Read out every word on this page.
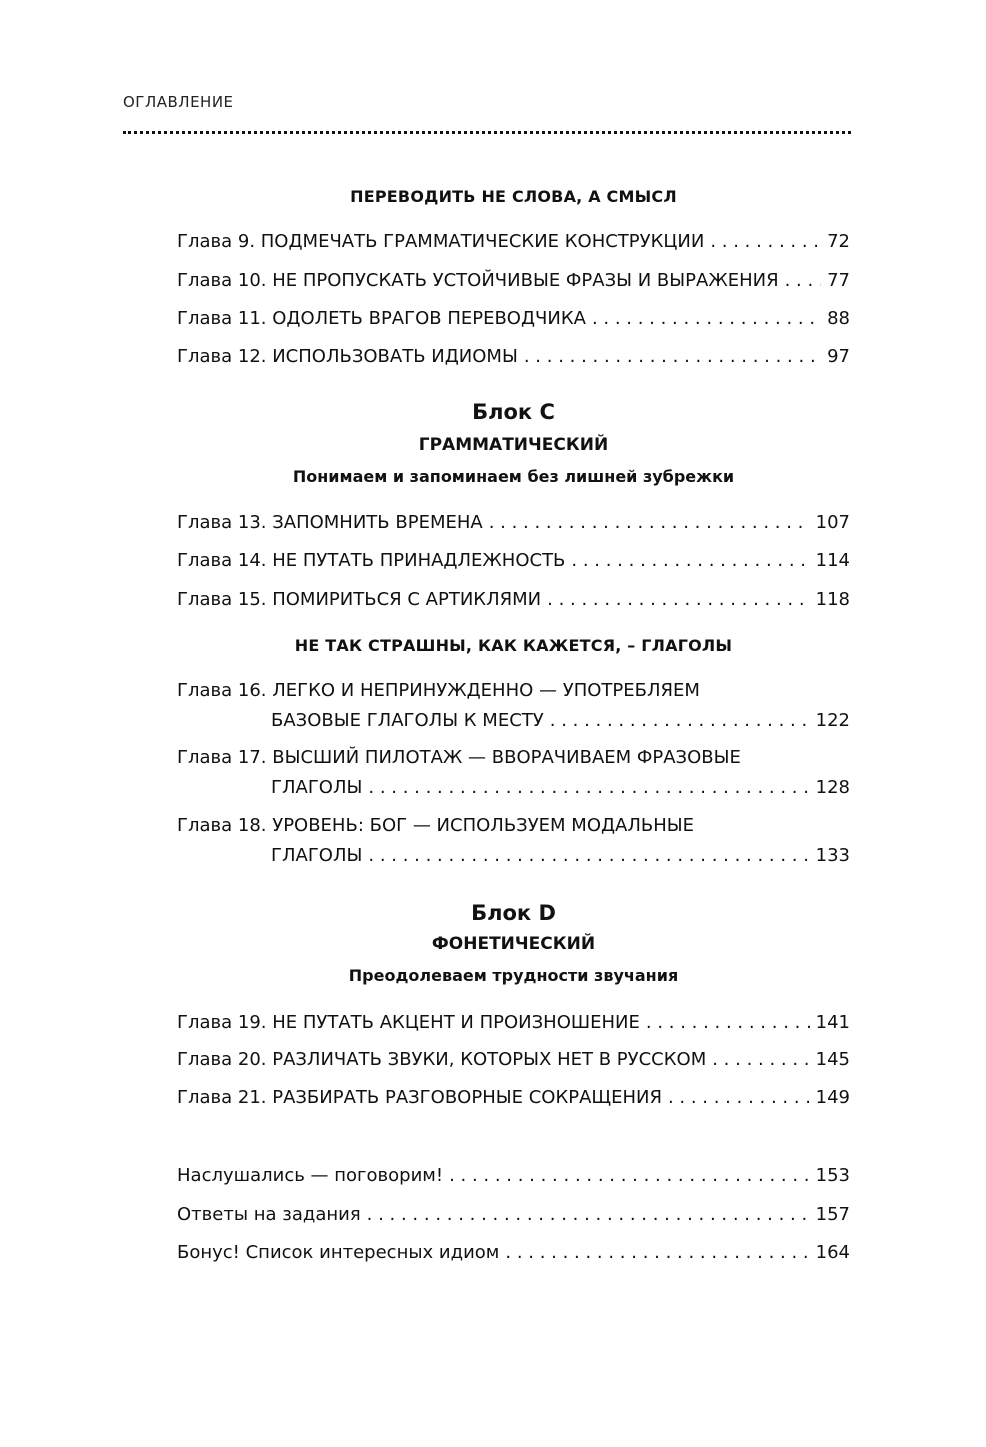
ОГЛАВЛЕНИЕ
ПЕРЕВОДИТЬ НЕ СЛОВА, А СМЫСЛ
Глава 9. ПОДМЕЧАТЬ ГРАММАТИЧЕСКИЕ КОНСТРУКЦИИ . . .	72
Глава 10. НЕ ПРОПУСКАТЬ УСТОЙЧИВЫЕ ФРАЗЫ И ВЫРАЖЕНИЯ . . .	77
Глава 11. ОДОЛЕТЬ ВРАГОВ ПЕРЕВОДЧИКА . . .	88
Глава 12. ИСПОЛЬЗОВАТЬ ИДИОМЫ . . .	97
Блок C
ГРАММАТИЧЕСКИЙ
Понимаем и запоминаем без лишней зубрежки
Глава 13. ЗАПОМНИТЬ ВРЕМЕНА . . .	107
Глава 14. НЕ ПУТАТЬ ПРИНАДЛЕЖНОСТЬ . . .	114
Глава 15. ПОМИРИТЬСЯ С АРТИКЛЯМИ . . .	118
НЕ ТАК СТРАШНЫ, КАК КАЖЕТСЯ, – ГЛАГОЛЫ
Глава 16. ЛЕГКО И НЕПРИНУЖДЕННО — УПОТРЕБЛЯЕМ
БАЗОВЫЕ ГЛАГОЛЫ К МЕСТУ . . .	122
Глава 17. ВЫСШИЙ ПИЛОТАЖ — ВВОРАЧИВАЕМ ФРАЗОВЫЕ
ГЛАГОЛЫ . . .	128
Глава 18. УРОВЕНЬ: БОГ — ИСПОЛЬЗУЕМ МОДАЛЬНЫЕ
ГЛАГОЛЫ . . .	133
Блок D
ФОНЕТИЧЕСКИЙ
Преодолеваем трудности звучания
Глава 19. НЕ ПУТАТЬ АКЦЕНТ И ПРОИЗНОШЕНИЕ . . .	141
Глава 20. РАЗЛИЧАТЬ ЗВУКИ, КОТОРЫХ НЕТ В РУССКОМ . . .	145
Глава 21. РАЗБИРАТЬ РАЗГОВОРНЫЕ СОКРАЩЕНИЯ . . .	149
Наслушались — поговорим! . . .	153
Ответы на задания . . .	157
Бонус! Список интересных идиом . . .	164
